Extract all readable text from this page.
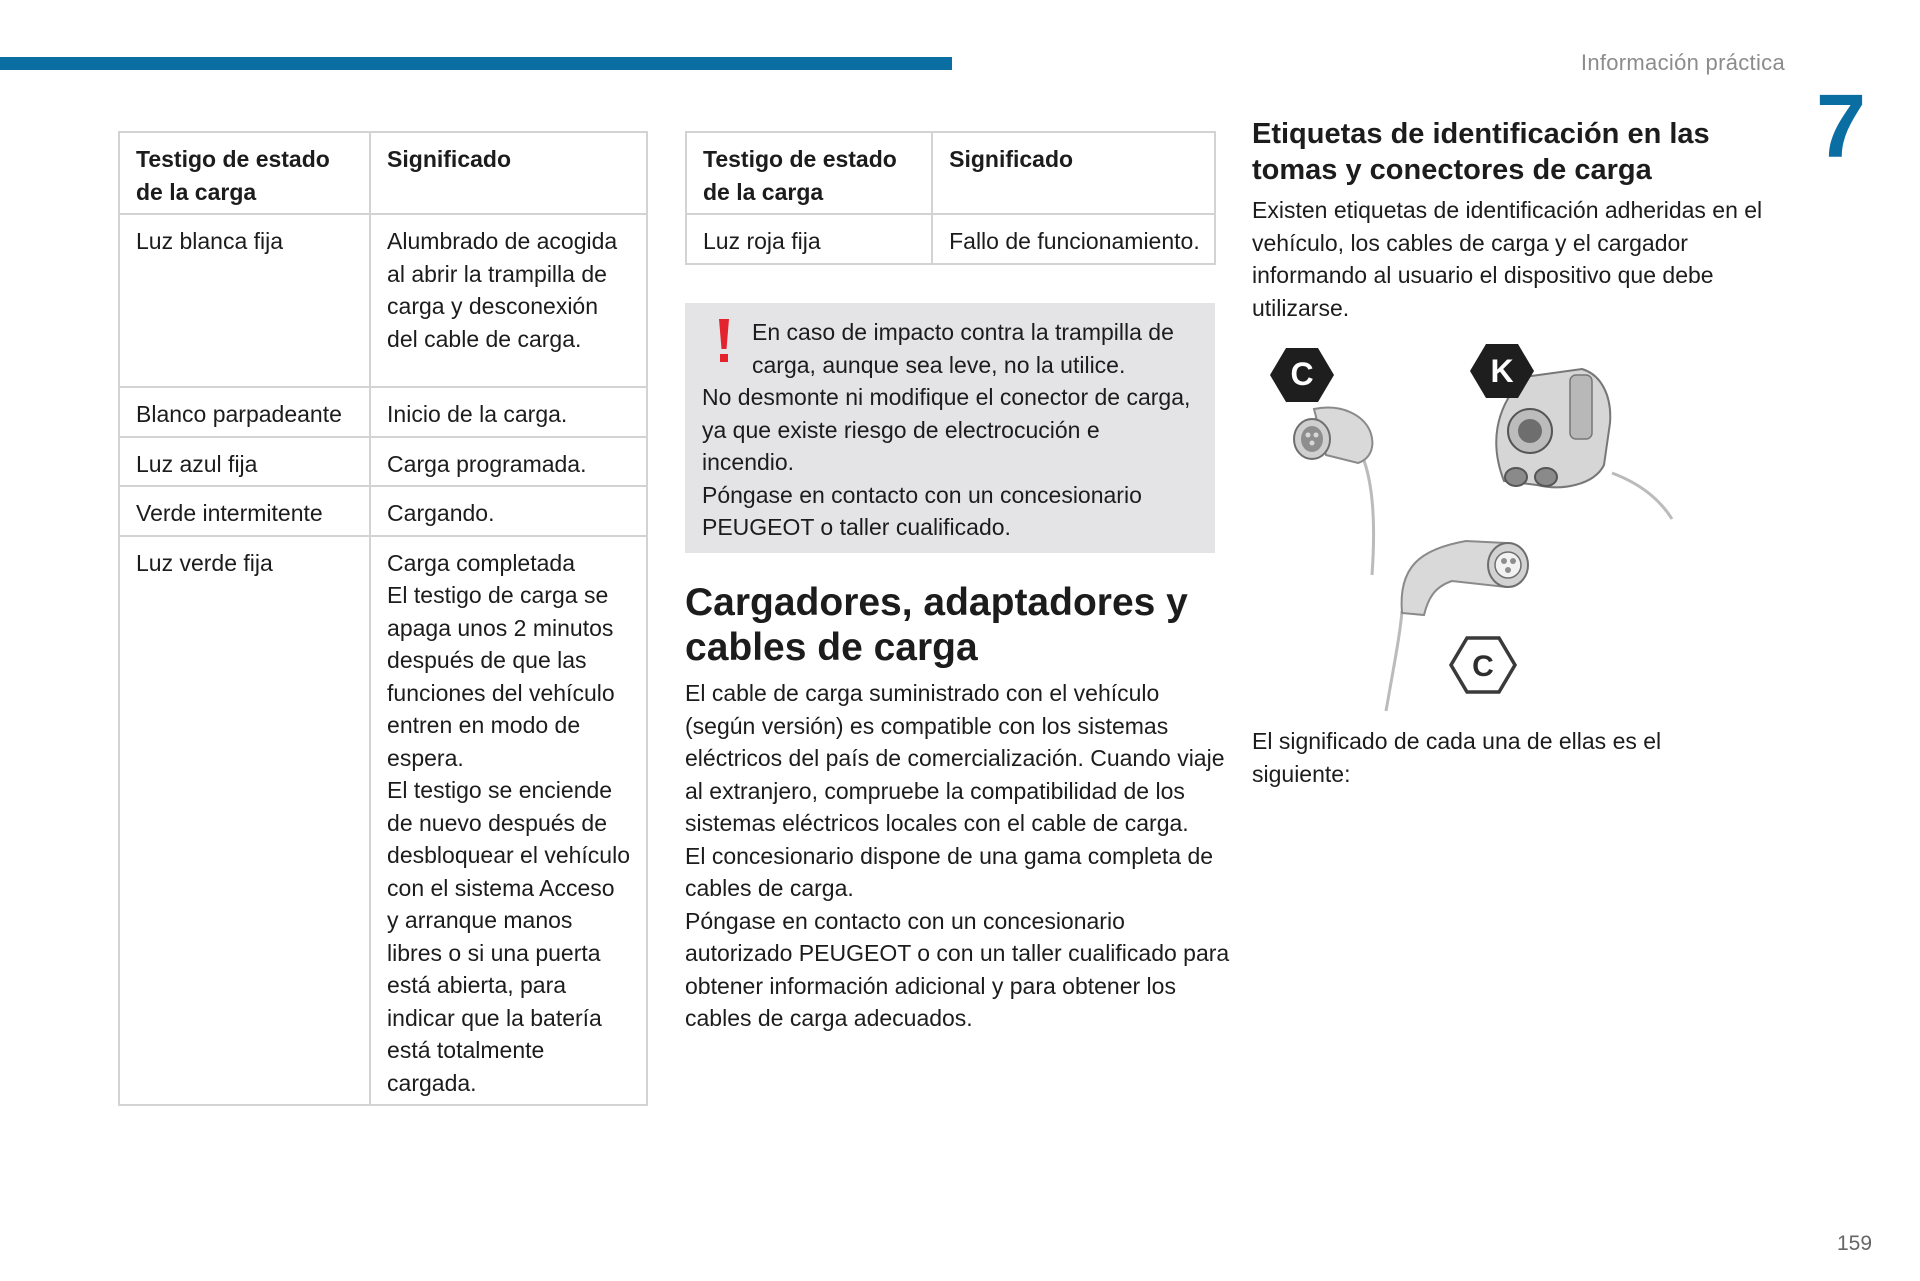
Información práctica
7
Testigo de estado de la carga	Significado
Luz blanca fija	Alumbrado de acogida al abrir la trampilla de carga y desconexión del cable de carga.
Blanco parpadeante	Inicio de la carga.
Luz azul fija	Carga programada.
Verde intermitente	Cargando.
Luz verde fija	Carga completada
El testigo de carga se apaga unos 2 minutos después de que las funciones del vehículo entren en modo de espera.
El testigo se enciende de nuevo después de desbloquear el vehículo con el sistema Acceso y arranque manos libres o si una puerta está abierta, para indicar que la batería está totalmente cargada.
Testigo de estado de la carga	Significado
Luz roja fija	Fallo de funcionamiento.
En caso de impacto contra la trampilla de carga, aunque sea leve, no la utilice.
No desmonte ni modifique el conector de carga, ya que existe riesgo de electrocución e incendio.
Póngase en contacto con un concesionario PEUGEOT o taller cualificado.
Cargadores, adaptadores y cables de carga
El cable de carga suministrado con el vehículo (según versión) es compatible con los sistemas eléctricos del país de comercialización. Cuando viaje al extranjero, compruebe la compatibilidad de los sistemas eléctricos locales con el cable de carga.
El concesionario dispone de una gama completa de cables de carga.
Póngase en contacto con un concesionario autorizado PEUGEOT o con un taller cualificado para obtener información adicional y para obtener los cables de carga adecuados.
Etiquetas de identificación en las tomas y conectores de carga
Existen etiquetas de identificación adheridas en el vehículo, los cables de carga y el cargador informando al usuario el dispositivo que debe utilizarse.
C	K
C
El significado de cada una de ellas es el siguiente:
159
